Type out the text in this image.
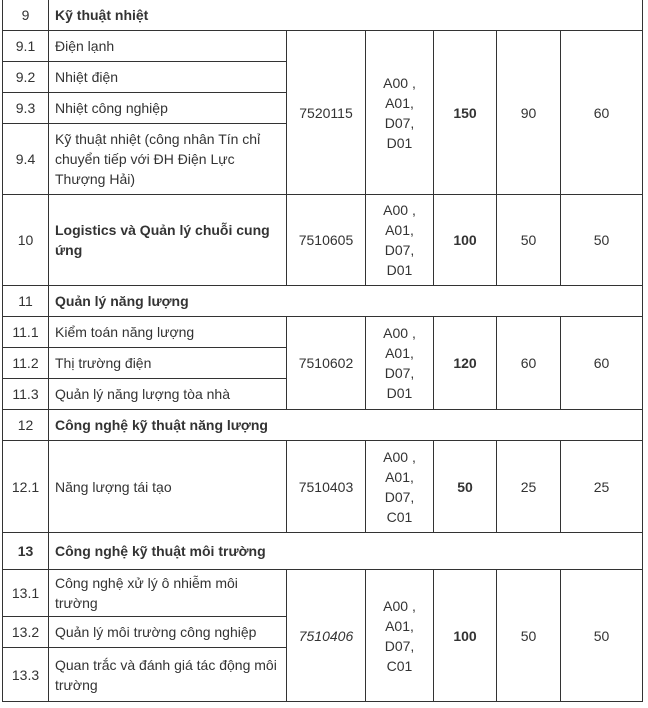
9	Kỹ thuật nhiệt					
9.1	Điện lạnh	7520115	A00 ,
A01,
D07,
D01	150	90	60
9.2	Nhiệt điện					
9.3	Nhiệt công nghiệp					
9.4	Kỹ thuật nhiệt (công nhân Tín chỉ chuyển tiếp với ĐH Điện Lực Thượng Hải)					
10	Logistics và Quản lý chuỗi cung ứng	7510605	A00 ,
A01,
D07,
D01	100	50	50
11	Quản lý năng lượng					
11.1	Kiểm toán năng lượng	7510602	A00 ,
A01,
D07,
D01	120	60	60
11.2	Thị trường điện					
11.3	Quản lý năng lượng tòa nhà					
12	Công nghệ kỹ thuật năng lượng					
12.1	Năng lượng tái tạo	7510403	A00 ,
A01,
D07,
C01	50	25	25
13	Công nghệ kỹ thuật môi trường					
13.1	Công nghệ xử lý ô nhiễm môi trường	7510406	A00 ,
A01,
D07,
C01	100	50	50
13.2	Quản lý môi trường công nghiệp					
13.3	Quan trắc và đánh giá tác động môi trường					
